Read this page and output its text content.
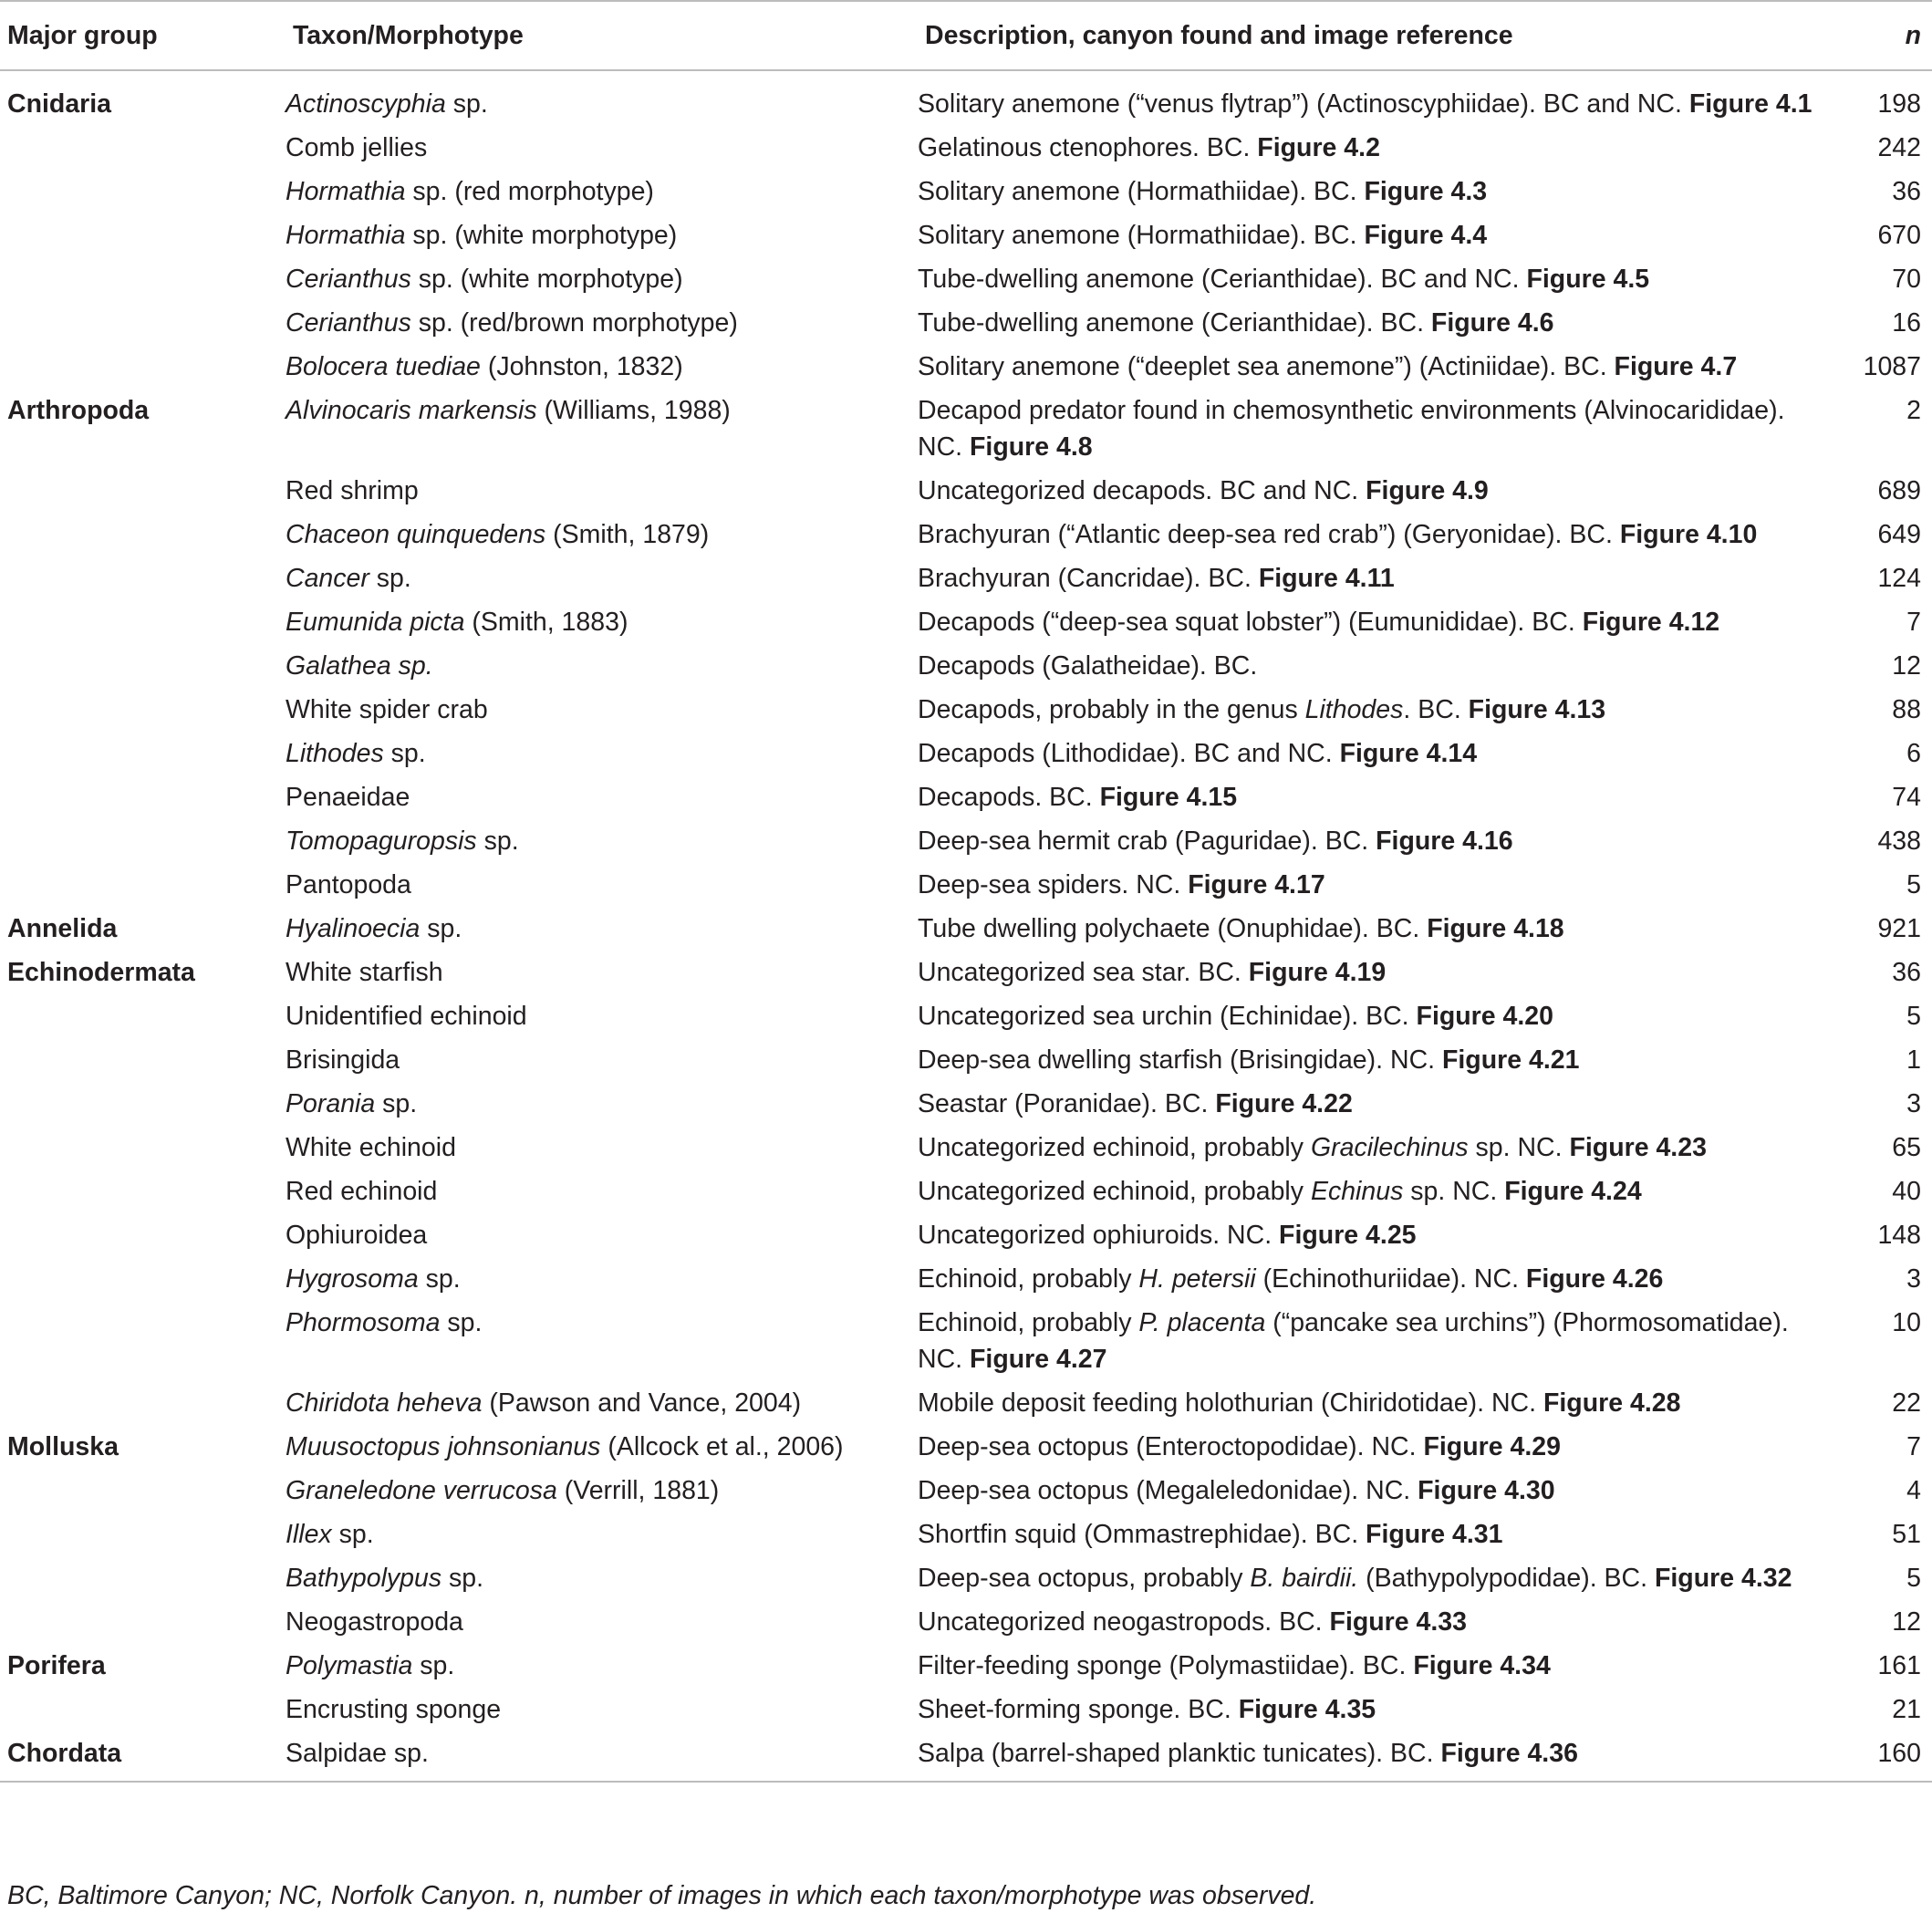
Major group	Taxon/Morphotype	Description, canyon found and image reference	n
Cnidaria	Actinoscyphia sp.	Solitary anemone (“venus flytrap”) (Actinoscyphiidae). BC and NC. Figure 4.1	198
	Comb jellies	Gelatinous ctenophores. BC. Figure 4.2	242
	Hormathia sp. (red morphotype)	Solitary anemone (Hormathiidae). BC. Figure 4.3	36
	Hormathia sp. (white morphotype)	Solitary anemone (Hormathiidae). BC. Figure 4.4	670
	Cerianthus sp. (white morphotype)	Tube-dwelling anemone (Cerianthidae). BC and NC. Figure 4.5	70
	Cerianthus sp. (red/brown morphotype)	Tube-dwelling anemone (Cerianthidae). BC. Figure 4.6	16
	Bolocera tuediae (Johnston, 1832)	Solitary anemone (“deeplet sea anemone”) (Actiniidae). BC. Figure 4.7	1087
Arthropoda	Alvinocaris markensis (Williams, 1988)	Decapod predator found in chemosynthetic environments (Alvinocarididae). NC. Figure 4.8	2
	Red shrimp	Uncategorized decapods. BC and NC. Figure 4.9	689
	Chaceon quinquedens (Smith, 1879)	Brachyuran (“Atlantic deep-sea red crab”) (Geryonidae). BC. Figure 4.10	649
	Cancer sp.	Brachyuran (Cancridae). BC. Figure 4.11	124
	Eumunida picta (Smith, 1883)	Decapods (“deep-sea squat lobster”) (Eumunididae). BC. Figure 4.12	7
	Galathea sp.	Decapods (Galatheidae). BC.	12
	White spider crab	Decapods, probably in the genus Lithodes. BC. Figure 4.13	88
	Lithodes sp.	Decapods (Lithodidae). BC and NC. Figure 4.14	6
	Penaeidae	Decapods. BC. Figure 4.15	74
	Tomopaguropsis sp.	Deep-sea hermit crab (Paguridae). BC. Figure 4.16	438
	Pantopoda	Deep-sea spiders. NC. Figure 4.17	5
Annelida	Hyalinoecia sp.	Tube dwelling polychaete (Onuphidae). BC. Figure 4.18	921
Echinodermata	White starfish	Uncategorized sea star. BC. Figure 4.19	36
	Unidentified echinoid	Uncategorized sea urchin (Echinidae). BC. Figure 4.20	5
	Brisingida	Deep-sea dwelling starfish (Brisingidae). NC. Figure 4.21	1
	Porania sp.	Seastar (Poranidae). BC. Figure 4.22	3
	White echinoid	Uncategorized echinoid, probably Gracilechinus sp. NC. Figure 4.23	65
	Red echinoid	Uncategorized echinoid, probably Echinus sp. NC. Figure 4.24	40
	Ophiuroidea	Uncategorized ophiuroids. NC. Figure 4.25	148
	Hygrosoma sp.	Echinoid, probably H. petersii (Echinothuriidae). NC. Figure 4.26	3
	Phormosoma sp.	Echinoid, probably P. placenta (“pancake sea urchins”) (Phormosomatidae). NC. Figure 4.27	10
	Chiridota heheva (Pawson and Vance, 2004)	Mobile deposit feeding holothurian (Chiridotidae). NC. Figure 4.28	22
Molluska	Muusoctopus johnsonianus (Allcock et al., 2006)	Deep-sea octopus (Enteroctopodidae). NC. Figure 4.29	7
	Graneledone verrucosa (Verrill, 1881)	Deep-sea octopus (Megaleledonidae). NC. Figure 4.30	4
	Illex sp.	Shortfin squid (Ommastrephidae). BC. Figure 4.31	51
	Bathypolypus sp.	Deep-sea octopus, probably B. bairdii. (Bathypolypodidae). BC. Figure 4.32	5
	Neogastropoda	Uncategorized neogastropods. BC. Figure 4.33	12
Porifera	Polymastia sp.	Filter-feeding sponge (Polymastiidae). BC. Figure 4.34	161
	Encrusting sponge	Sheet-forming sponge. BC. Figure 4.35	21
Chordata	Salpidae sp.	Salpa (barrel-shaped planktic tunicates). BC. Figure 4.36	160
BC, Baltimore Canyon; NC, Norfolk Canyon. n, number of images in which each taxon/morphotype was observed.
